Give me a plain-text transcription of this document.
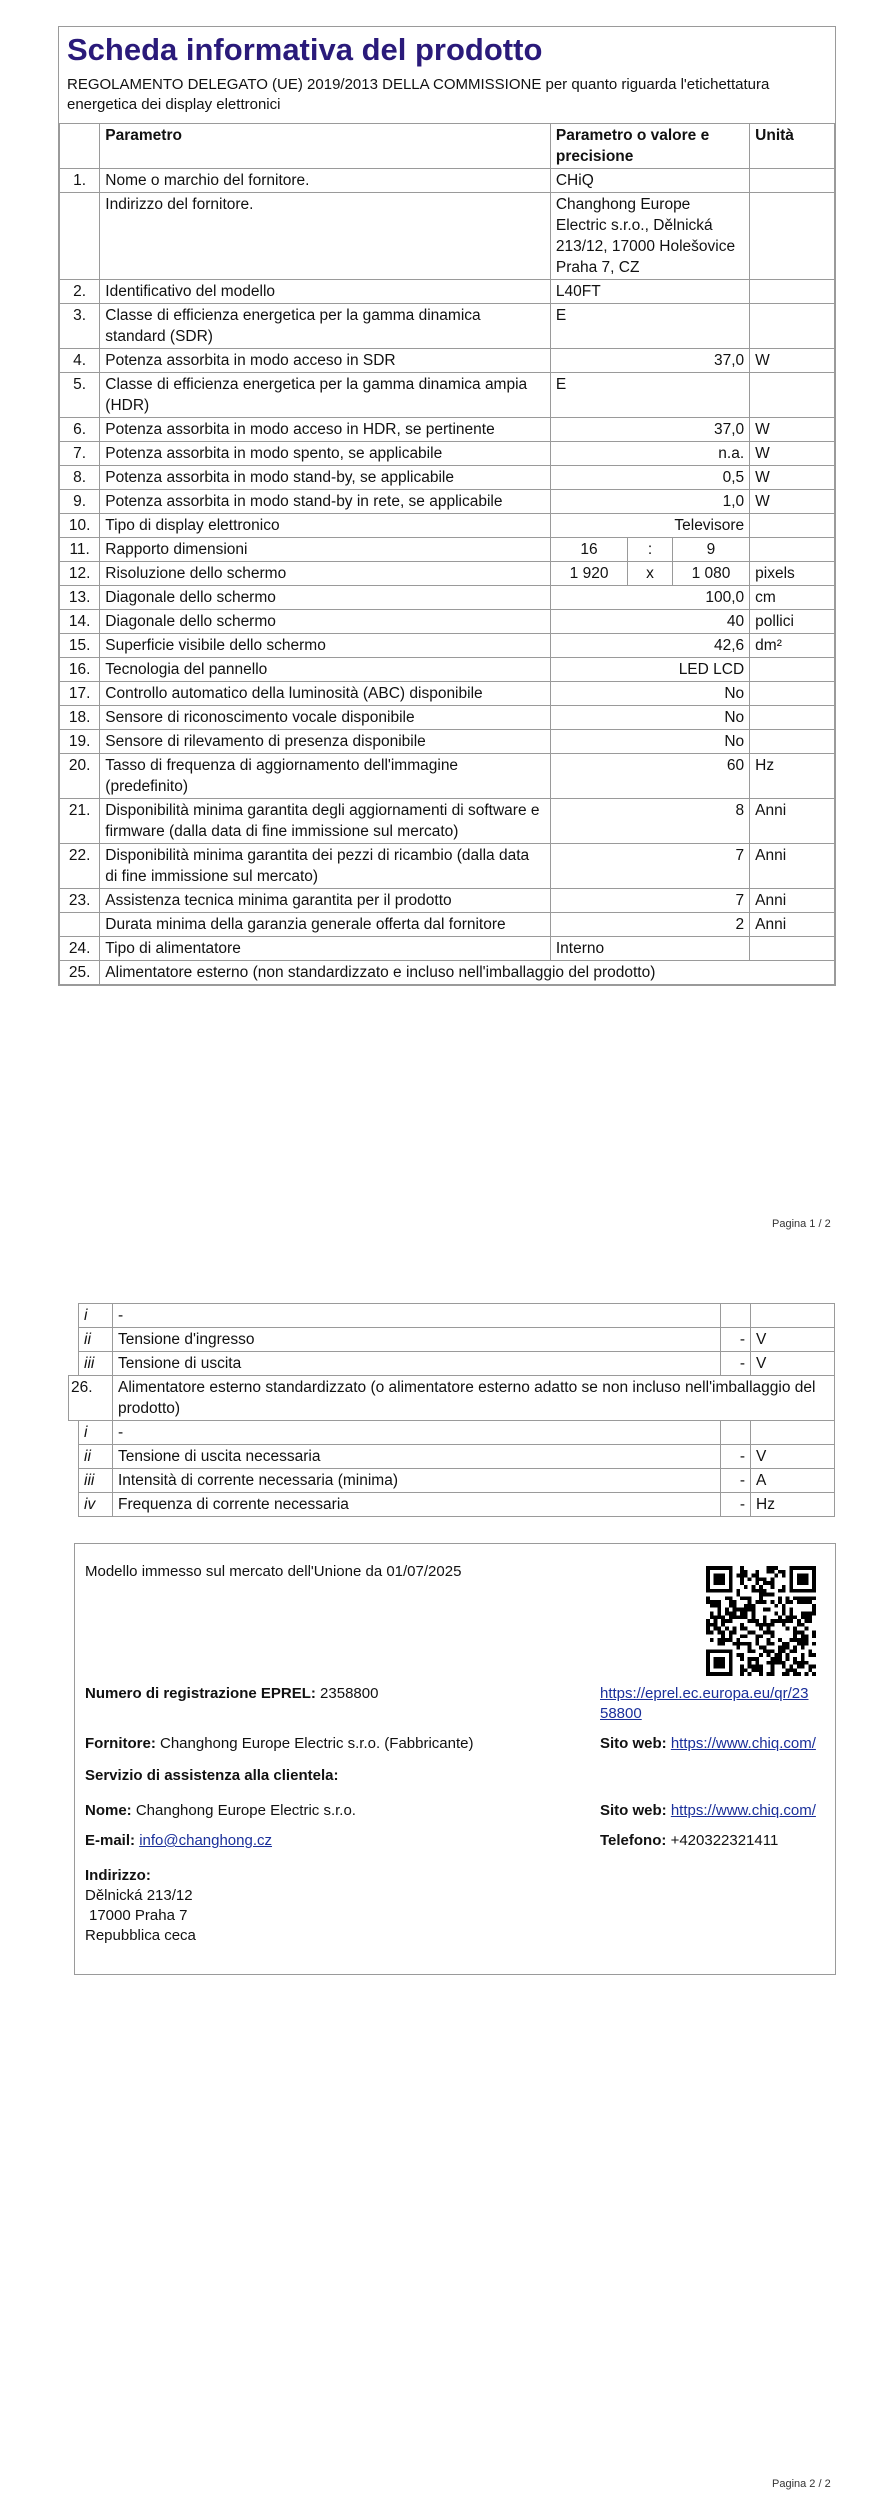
Scheda informativa del prodotto
REGOLAMENTO DELEGATO (UE) 2019/2013 DELLA COMMISSIONE per quanto riguarda l'etichettatura energetica dei display elettronici
	Parametro	Parametro o valore e precisione			Unità
1.	Nome o marchio del fornitore.	CHiQ			
	Indirizzo del fornitore.	Changhong Europe Electric s.r.o., Dělnická 213/12, 17000 Holešovice Praha 7, CZ			
2.	Identificativo del modello	L40FT			
3.	Classe di efficienza energetica per la gamma dinamica standard (SDR)	E			
4.	Potenza assorbita in modo acceso in SDR	37,0			W
5.	Classe di efficienza energetica per la gamma dinamica ampia (HDR)	E			
6.	Potenza assorbita in modo acceso in HDR, se pertinente	37,0			W
7.	Potenza assorbita in modo spento, se applicabile	n.a.			W
8.	Potenza assorbita in modo stand-by, se applicabile	0,5			W
9.	Potenza assorbita in modo stand-by in rete, se applicabile	1,0			W
10.	Tipo di display elettronico	Televisore			
11.	Rapporto dimensioni	16	:	9	
12.	Risoluzione dello schermo	1 920	x	1 080	pixels
13.	Diagonale dello schermo	100,0			cm
14.	Diagonale dello schermo	40			pollici
15.	Superficie visibile dello schermo	42,6			dm²
16.	Tecnologia del pannello	LED LCD			
17.	Controllo automatico della luminosità (ABC) disponibile	No			
18.	Sensore di riconoscimento vocale disponibile	No			
19.	Sensore di rilevamento di presenza disponibile	No			
20.	Tasso di frequenza di aggiornamento dell'immagine (predefinito)	60			Hz
21.	Disponibilità minima garantita degli aggiornamenti di software e firmware (dalla data di fine immissione sul mercato)	8			Anni
22.	Disponibilità minima garantita dei pezzi di ricambio (dalla data di fine immissione sul mercato)	7			Anni
23.	Assistenza tecnica minima garantita per il prodotto	7			Anni
	Durata minima della garanzia generale offerta dal fornitore	2			Anni
24.	Tipo di alimentatore	Interno			
25.	Alimentatore esterno (non standardizzato e incluso nell'imballaggio del prodotto)				
Pagina 1 / 2
	i	-		
	ii	Tensione d'ingresso	-	V
	iii	Tensione di uscita	-	V
26.		Alimentatore esterno standardizzato (o alimentatore esterno adatto se non incluso nell'imballaggio del prodotto)		
	i	-		
	ii	Tensione di uscita necessaria	-	V
	iii	Intensità di corrente necessaria (minima)	-	A
	iv	Frequenza di corrente necessaria	-	Hz
Modello immesso sul mercato dell'Unione da 01/07/2025
Numero di registrazione EPREL: 2358800	https://eprel.ec.europa.eu/qr/23
58800
Fornitore: Changhong Europe Electric s.r.o. (Fabbricante)	Sito web: https://www.chiq.com/
Servizio di assistenza alla clientela:
Nome: Changhong Europe Electric s.r.o.	Sito web: https://www.chiq.com/
E-mail: info@changhong.cz	Telefono: +420322321411
Indirizzo:
Dělnická 213/12
17000 Praha 7
Repubblica ceca
Pagina 2 / 2
